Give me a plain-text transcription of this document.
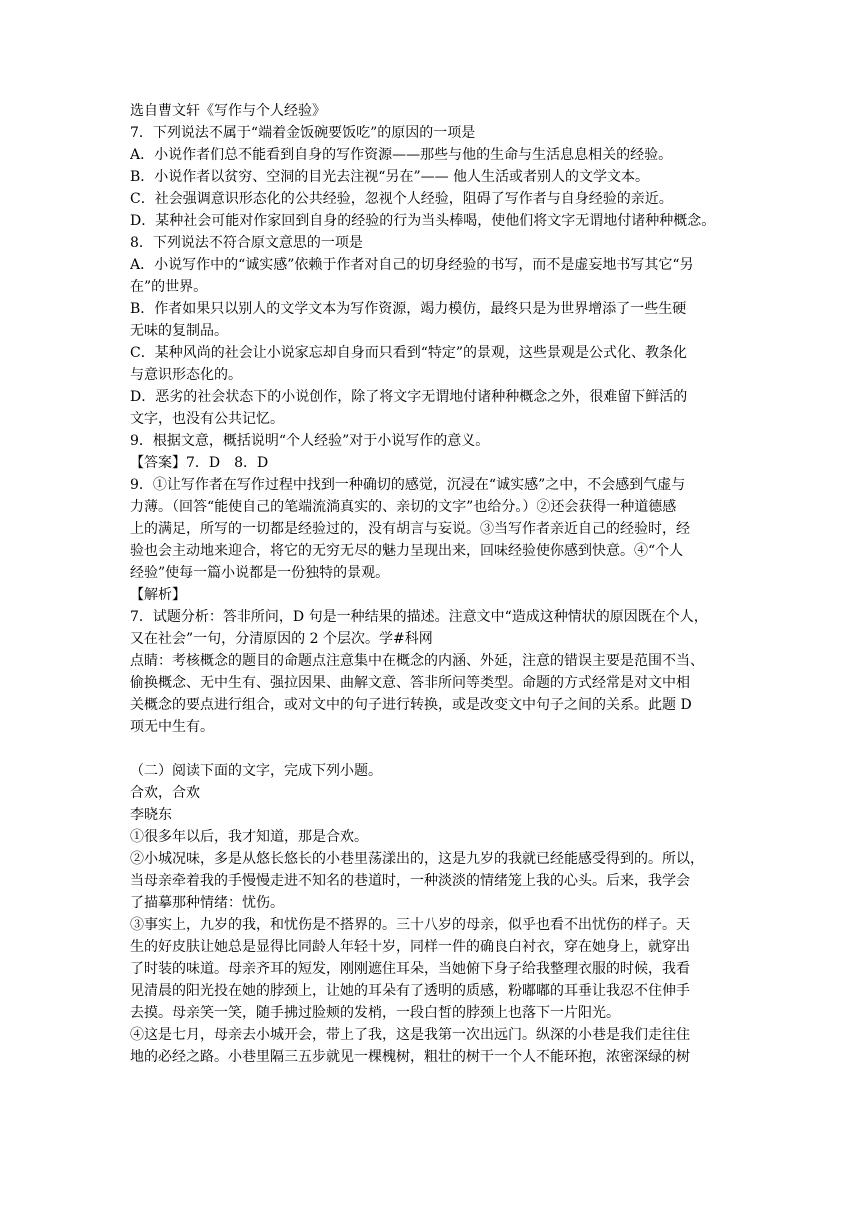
选自曹文轩《写作与个人经验》
7．下列说法不属于“端着金饭碗要饭吃”的原因的一项是
A．小说作者们总不能看到自身的写作资源——那些与他的生命与生活息息相关的经验。
B．小说作者以贫穷、空洞的目光去注视“另在”—— 他人生活或者别人的文学文本。
C．社会强调意识形态化的公共经验，忽视个人经验，阻碍了写作者与自身经验的亲近。
D．某种社会可能对作家回到自身的经验的行为当头棒喝，使他们将文字无谓地付诸种种概念。
8．下列说法不符合原文意思的一项是
A．小说写作中的“诚实感”依赖于作者对自己的切身经验的书写，而不是虚妄地书写其它“另
在”的世界。
B．作者如果只以别人的文学文本为写作资源，竭力模仿，最终只是为世界增添了一些生硬
无味的复制品。
C．某种风尚的社会让小说家忘却自身而只看到“特定”的景观，这些景观是公式化、教条化
与意识形态化的。
D．恶劣的社会状态下的小说创作，除了将文字无谓地付诸种种概念之外，很难留下鲜活的
文字，也没有公共记忆。
9．根据文意，概括说明“个人经验”对于小说写作的意义。
【答案】7．D　8．D
9．①让写作者在写作过程中找到一种确切的感觉，沉浸在“诚实感”之中，不会感到气虚与
力薄。（回答“能使自己的笔端流淌真实的、亲切的文字”也给分。）②还会获得一种道德感
上的满足，所写的一切都是经验过的，没有胡言与妄说。③当写作者亲近自己的经验时，经
验也会主动地来迎合，将它的无穷无尽的魅力呈现出来，回味经验使你感到快意。④“个人
经验”使每一篇小说都是一份独特的景观。
【解析】
7．试题分析：答非所问，D 句是一种结果的描述。注意文中“造成这种情状的原因既在个人，
又在社会”一句，分清原因的 2 个层次。学#科网
点睛：考核概念的题目的命题点注意集中在概念的内涵、外延，注意的错误主要是范围不当、
偷换概念、无中生有、强拉因果、曲解文意、答非所问等类型。命题的方式经常是对文中相
关概念的要点进行组合，或对文中的句子进行转换，或是改变文中句子之间的关系。此题 D
项无中生有。
（二）阅读下面的文字，完成下列小题。
合欢，合欢
李晓东
①很多年以后，我才知道，那是合欢。
②小城况味，多是从悠长悠长的小巷里荡漾出的，这是九岁的我就已经能感受得到的。所以，
当母亲牵着我的手慢慢走进不知名的巷道时，一种淡淡的情绪笼上我的心头。后来，我学会
了描摹那种情绪：忧伤。
③事实上，九岁的我，和忧伤是不搭界的。三十八岁的母亲，似乎也看不出忧伤的样子。天
生的好皮肤让她总是显得比同龄人年轻十岁，同样一件的确良白衬衣，穿在她身上，就穿出
了时装的味道。母亲齐耳的短发，刚刚遮住耳朵，当她俯下身子给我整理衣服的时候，我看
见清晨的阳光投在她的脖颈上，让她的耳朵有了透明的质感，粉嘟嘟的耳垂让我忍不住伸手
去摸。母亲笑一笑，随手拂过脸颊的发梢，一段白皙的脖颈上也落下一片阳光。
④这是七月，母亲去小城开会，带上了我，这是我第一次出远门。纵深的小巷是我们走往住
地的必经之路。小巷里隔三五步就见一棵槐树，粗壮的树干一个人不能环抱，浓密深绿的树
